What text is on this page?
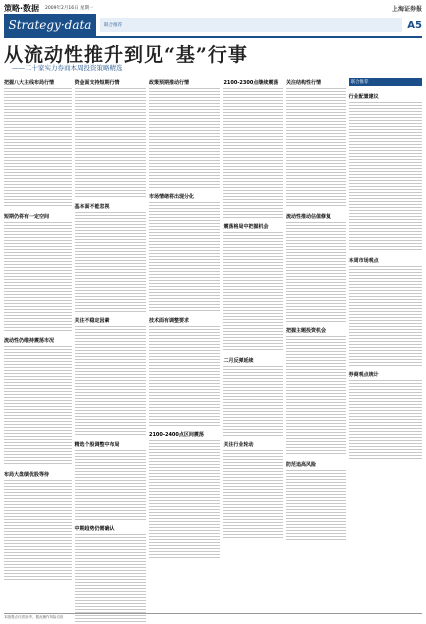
策略·数据 2009年2月16日 星期一	上海证券报
Strategy·data	联合推荐	A5
从流动性推升到见“基”行事
——二十家实力券商本周投资策略精选
把握八大主线布局行情
短期仍将有一定空间
流动性仍维持震荡市况
布局大盘绩优股等待
资金面支持短期行情
基本面不能忽视
关注不稳定因素
精选个股调整中布局
中期趋势仍需确认
政策预期推动行情
市场情绪将出现分化
技术面有调整要求
2100-2400点区间震荡
2100-2300点继续震荡
震荡格局中把握机会
二月反弹延续
关注行业轮动
关注结构性行情
流动性推动估值修复
把握主题投资机会
防范追高风险
联合推荐
行业配置建议
本周市场观点
券商观点统计
本版观点仅供参考，据此操作风险自担
